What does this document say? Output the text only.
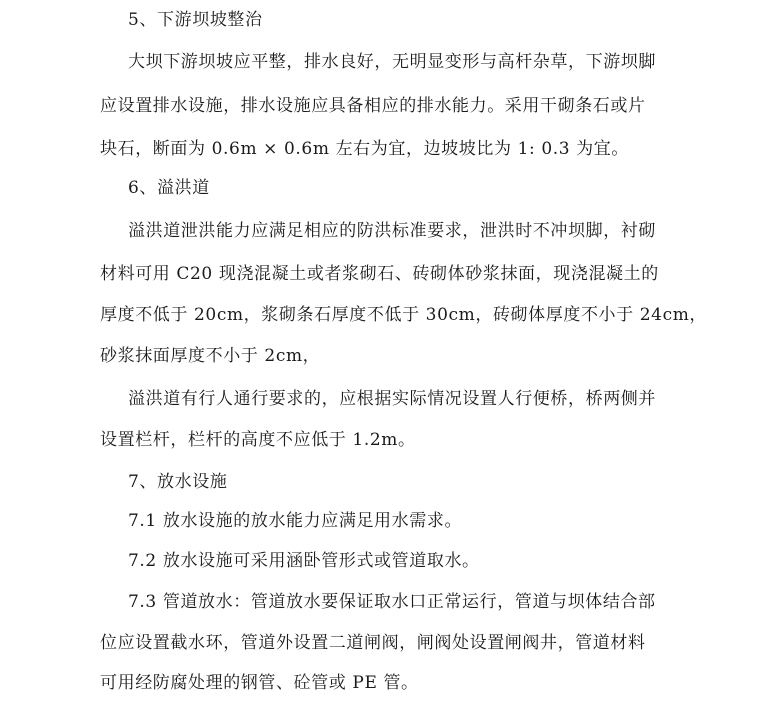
5、下游坝坡整治
大坝下游坝坡应平整，排水良好，无明显变形与高杆杂草，下游坝脚
应设置排水设施，排水设施应具备相应的排水能力。采用干砌条石或片
块石，断面为 0.6m × 0.6m 左右为宜，边坡坡比为 1: 0.3 为宜。
6、溢洪道
溢洪道泄洪能力应满足相应的防洪标准要求，泄洪时不冲坝脚，衬砌
材料可用 C20 现浇混凝土或者浆砌石、砖砌体砂浆抹面，现浇混凝土的
厚度不低于 20cm，浆砌条石厚度不低于 30cm，砖砌体厚度不小于 24cm，
砂浆抹面厚度不小于 2cm，
溢洪道有行人通行要求的，应根据实际情况设置人行便桥，桥两侧并
设置栏杆，栏杆的高度不应低于 1.2m。
7、放水设施
7.1 放水设施的放水能力应满足用水需求。
7.2 放水设施可采用涵卧管形式或管道取水。
7.3 管道放水：管道放水要保证取水口正常运行，管道与坝体结合部
位应设置截水环，管道外设置二道闸阀，闸阀处设置闸阀井，管道材料
可用经防腐处理的钢管、砼管或 PE 管。
